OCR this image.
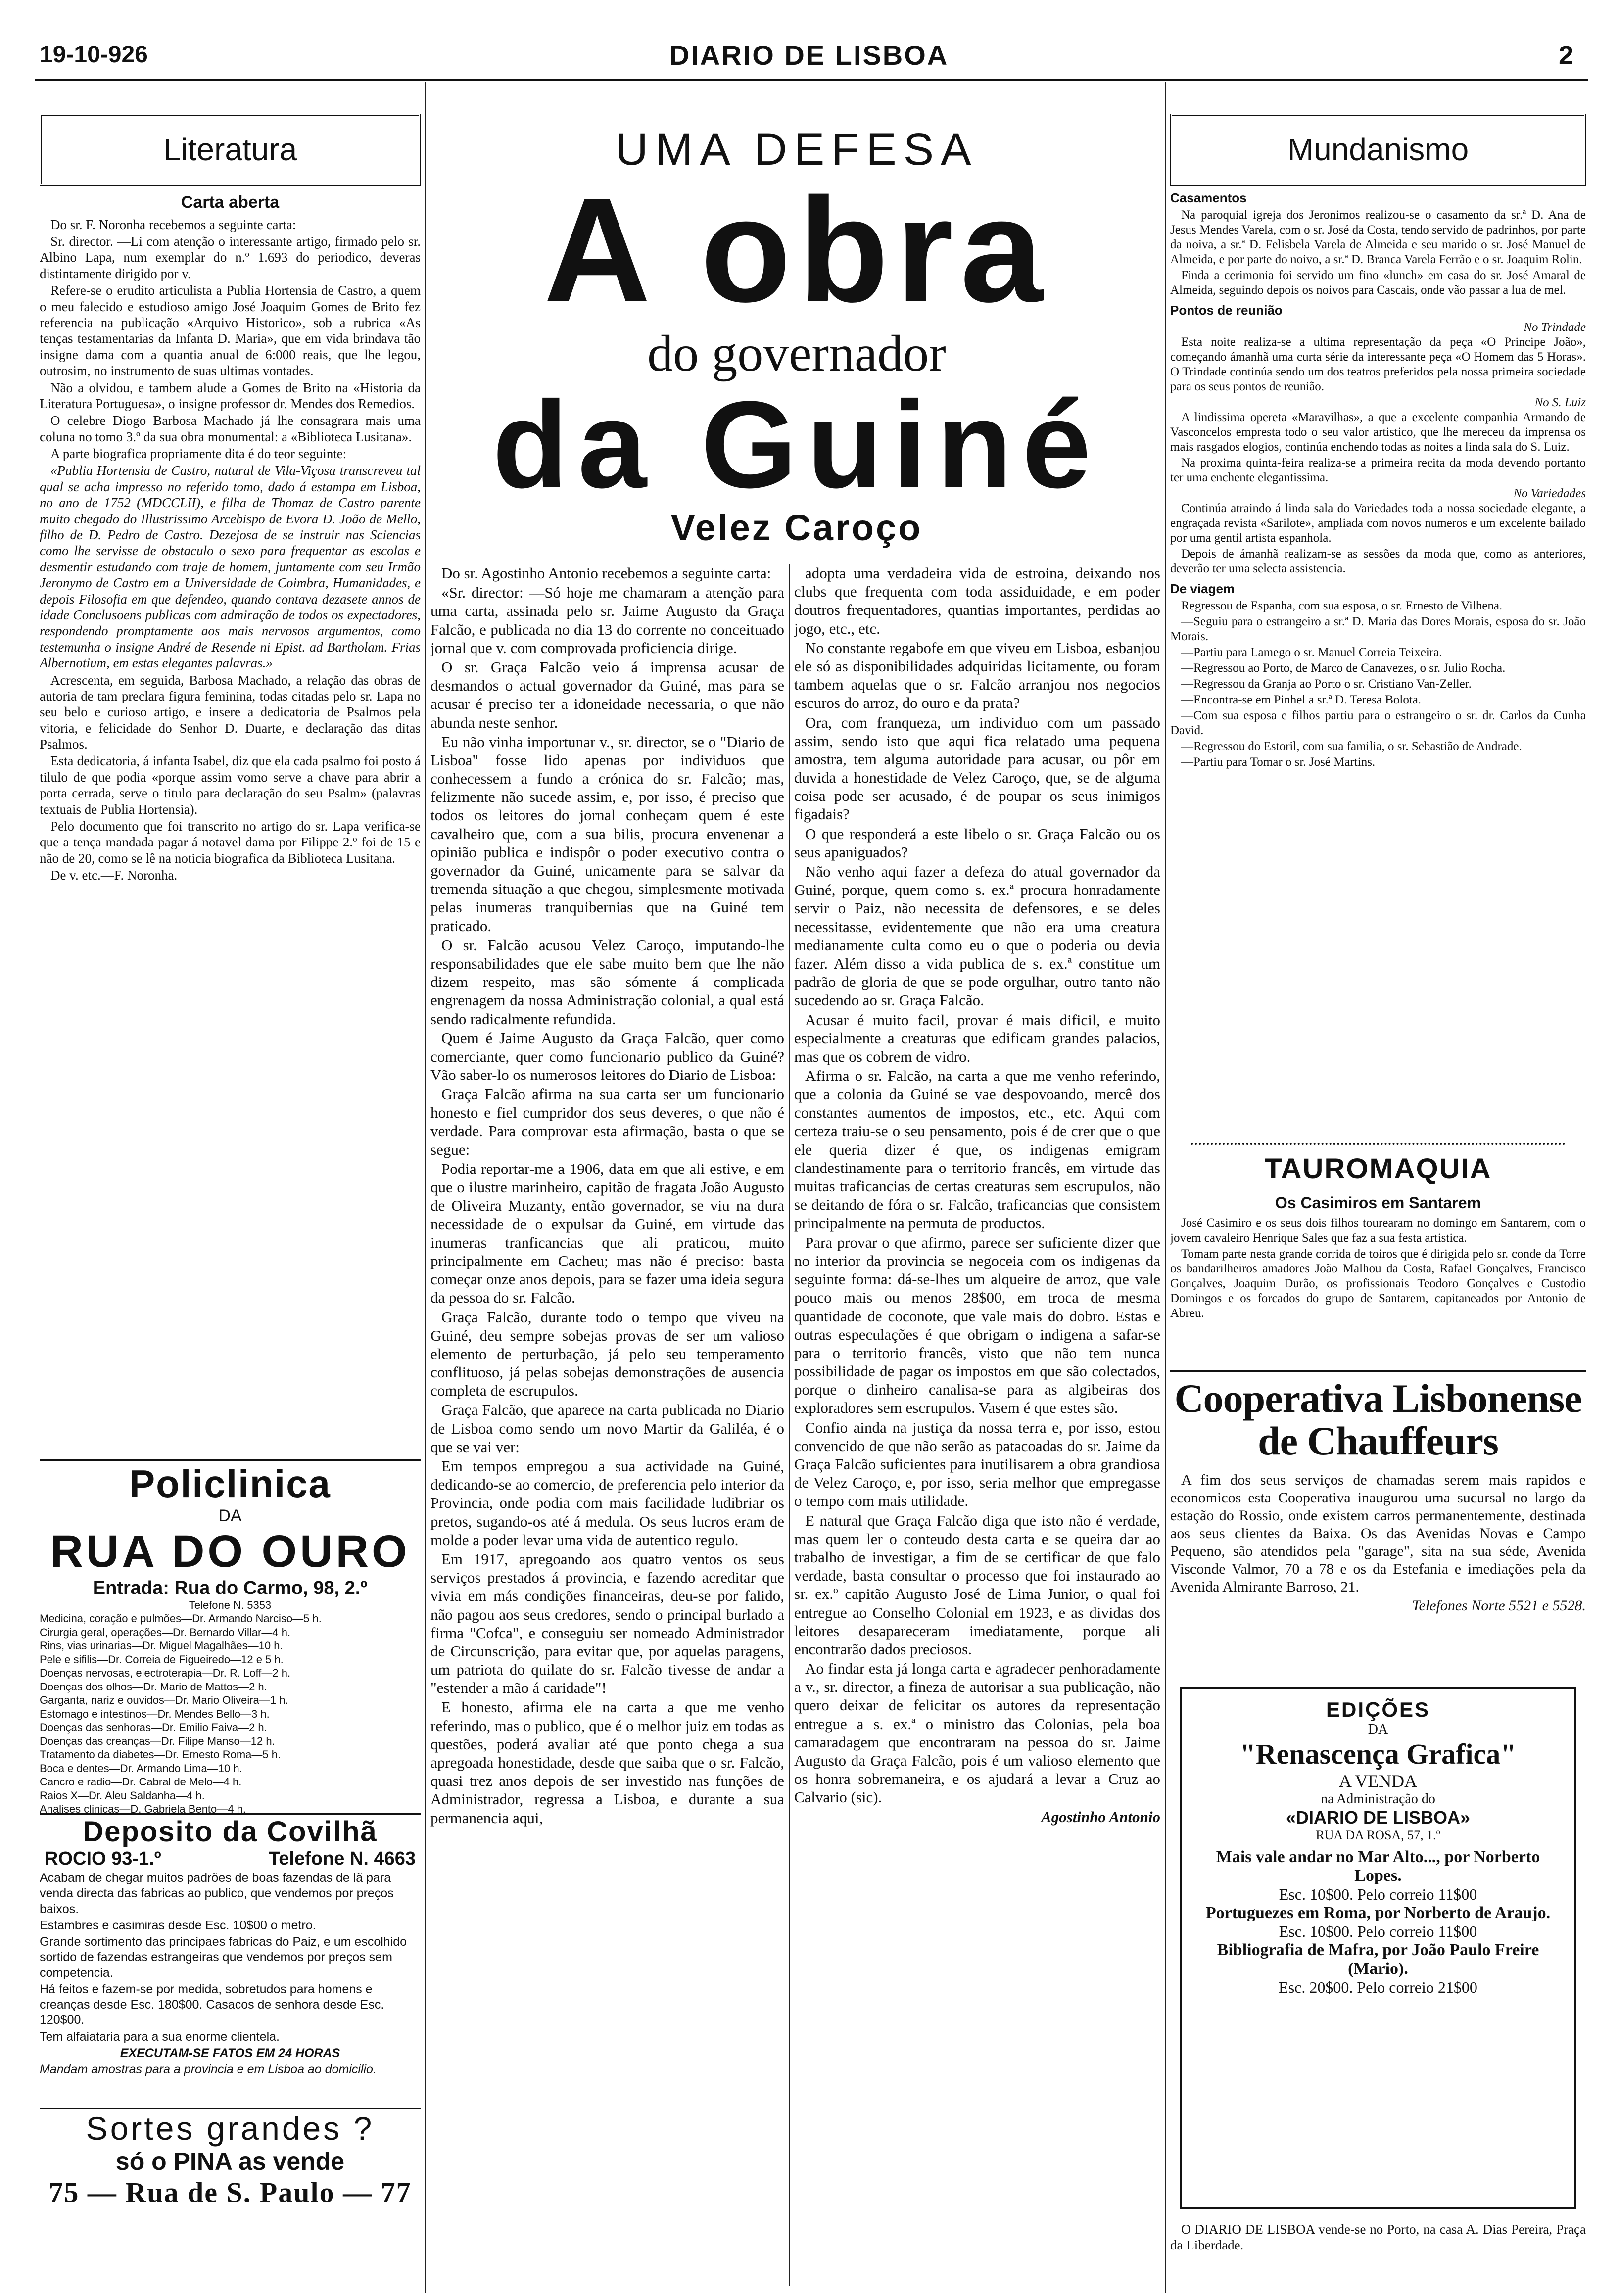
19-10-926	DIARIO DE LISBOA	2
Literatura
Carta aberta

Do sr. F. Noronha recebemos a seguinte carta:

Sr. director. —Li com atenção o interessante artigo, firmado pelo sr. Albino Lapa, num exemplar do n.º 1.693 do periodico, deveras distintamente dirigido por v.

Refere-se o erudito articulista a Publia Hortensia de Castro, a quem o meu falecido e estudioso amigo José Joaquim Gomes de Brito fez referencia na publicação «Arquivo Historico», sob a rubrica «As tenças testamentarias da Infanta D. Maria», que em vida brindava tão insigne dama com a quantia anual de 6:000 reais, que lhe legou, outrosim, no instrumento de suas ultimas vontades.

Não a olvidou, e tambem alude a Gomes de Brito na «Historia da Literatura Portuguesa», o insigne professor dr. Mendes dos Remedios.

O celebre Diogo Barbosa Machado já lhe consagrara mais uma coluna no tomo 3.º da sua obra monumental: a «Biblioteca Lusitana».

A parte biografica propriamente dita é do teor seguinte:

«Publia Hortensia de Castro, natural de Vila-Viçosa transcreveu tal qual se acha impresso no referido tomo, dado á estampa em Lisboa, no ano de 1752 (MDCCLII), e filha de Thomaz de Castro parente muito chegado do Illustrissimo Arcebispo de Evora D. João de Mello, filho de D. Pedro de Castro. Dezejosa de se instruir nas Sciencias como lhe servisse de obstaculo o sexo para frequentar as escolas e desmentir estudando com traje de homem, juntamente com seu Irmão Jeronymo de Castro em a Universidade de Coimbra, Humanidades, e depois Filosofia em que defendeo, quando contava dezasete annos de idade Conclusoens publicas com admiração de todos os expectadores, respondendo promptamente aos mais nervosos argumentos, como testemunha o insigne André de Resende ni Epist. ad Bartholam. Frias Albernotium, em estas elegantes palavras.»

Acrescenta, em seguida, Barbosa Machado, a relação das obras de autoria de tam preclara figura feminina, todas citadas pelo sr. Lapa no seu belo e curioso artigo, e insere a dedicatoria de Psalmos pela vitoria, e felicidade do Senhor D. Duarte, e declaração das ditas Psalmos.

Esta dedicatoria, á infanta Isabel, diz que ela cada psalmo foi posto á tilulo de que podia «porque assim vomo serve a chave para abrir a porta cerrada, serve o titulo para declaração do seu Psalm» (palavras textuais de Publia Hortensia).

Pelo documento que foi transcrito no artigo do sr. Lapa verifica-se que a tença mandada pagar á notavel dama por Filippe 2.º foi de 15 e não de 20, como se lê na noticia biografica da Biblioteca Lusitana.

De v. etc.—F. Noronha.

Policlinica
DA
RUA DO OURO
Entrada: Rua do Carmo, 98, 2.º
Telefone N. 5353
Medicina, coração e pulmões—Dr. Armando Narciso—5 h.
Cirurgia geral, operações—Dr. Bernardo Villar—4 h.
Rins, vias urinarias—Dr. Miguel Magalhães—10 h.
Pele e sifilis—Dr. Correia de Figueiredo—12 e 5 h.
Doenças nervosas, electroterapia—Dr. R. Loff—2 h.
Doenças dos olhos—Dr. Mario de Mattos—2 h.
Garganta, nariz e ouvidos—Dr. Mario Oliveira—1 h.
Estomago e intestinos—Dr. Mendes Bello—3 h.
Doenças das senhoras—Dr. Emilio Faiva—2 h.
Doenças das creanças—Dr. Filipe Manso—12 h.
Tratamento da diabetes—Dr. Ernesto Roma—5 h.
Boca e dentes—Dr. Armando Lima—10 h.
Cancro e radio—Dr. Cabral de Melo—4 h.
Raios X—Dr. Aleu Saldanha—4 h.
Analises clinicas—D. Gabriela Bento—4 h.
Deposito da Covilhã
ROCIO 93-1.º	Telefone N. 4663

Acabam de chegar muitos padrões de boas fazendas de lã para venda directa das fabricas ao publico, que vendemos por preços baixos.

Estambres e casimiras desde Esc. 10$00 o metro.

Grande sortimento das principaes fabricas do Paiz, e um escolhido sortido de fazendas estrangeiras que vendemos por preços sem competencia.

Há feitos e fazem-se por medida, sobretudos para homens e creanças desde Esc. 180$00. Casacos de senhora desde Esc. 120$00.

Tem alfaiataria para a sua enorme clientela.

EXECUTAM-SE FATOS EM 24 HORAS

Mandam amostras para a provincia e em Lisboa ao domicilio.

Sortes grandes ?
só o PINA as vende
75 — Rua de S. Paulo — 77
UMA DEFESA
A obra
do governador
da Guiné
Velez Caroço

Do sr. Agostinho Antonio recebemos a seguinte carta:

«Sr. director: —Só hoje me chamaram a atenção para uma carta, assinada pelo sr. Jaime Augusto da Graça Falcão, e publicada no dia 13 do corrente no conceituado jornal que v. com comprovada proficiencia dirige.

O sr. Graça Falcão veio á imprensa acusar de desmandos o actual governador da Guiné, mas para se acusar é preciso ter a idoneidade necessaria, o que não abunda neste senhor.

Eu não vinha importunar v., sr. director, se o "Diario de Lisboa" fosse lido apenas por individuos que conhecessem a fundo a crónica do sr. Falcão; mas, felizmente não sucede assim, e, por isso, é preciso que todos os leitores do jornal conheçam quem é este cavalheiro que, com a sua bilis, procura envenenar a opinião publica e indispôr o poder executivo contra o governador da Guiné, unicamente para se salvar da tremenda situação a que chegou, simplesmente motivada pelas inumeras tranquibernias que na Guiné tem praticado.

O sr. Falcão acusou Velez Caroço, imputando-lhe responsabilidades que ele sabe muito bem que lhe não dizem respeito, mas são sómente á complicada engrenagem da nossa Administração colonial, a qual está sendo radicalmente refundida.

Quem é Jaime Augusto da Graça Falcão, quer como comerciante, quer como funcionario publico da Guiné? Vão saber-lo os numerosos leitores do Diario de Lisboa:

Graça Falcão afirma na sua carta ser um funcionario honesto e fiel cumpridor dos seus deveres, o que não é verdade. Para comprovar esta afirmação, basta o que se segue:

Podia reportar-me a 1906, data em que ali estive, e em que o ilustre marinheiro, capitão de fragata João Augusto de Oliveira Muzanty, então governador, se viu na dura necessidade de o expulsar da Guiné, em virtude das inumeras tranficancias que ali praticou, muito principalmente em Cacheu; mas não é preciso: basta começar onze anos depois, para se fazer uma ideia segura da pessoa do sr. Falcão.

Graça Falcão, durante todo o tempo que viveu na Guiné, deu sempre sobejas provas de ser um valioso elemento de perturbação, já pelo seu temperamento conflituoso, já pelas sobejas demonstrações de ausencia completa de escrupulos.

Graça Falcão, que aparece na carta publicada no Diario de Lisboa como sendo um novo Martir da Galiléa, é o que se vai ver:

Em tempos empregou a sua actividade na Guiné, dedicando-se ao comercio, de preferencia pelo interior da Provincia, onde podia com mais facilidade ludibriar os pretos, sugando-os até á medula. Os seus lucros eram de molde a poder levar uma vida de autentico regulo.

Em 1917, apregoando aos quatro ventos os seus serviços prestados á provincia, e fazendo acreditar que vivia em más condições financeiras, deu-se por falido, não pagou aos seus credores, sendo o principal burlado a firma "Cofca", e conseguiu ser nomeado Administrador de Circunscrição, para evitar que, por aquelas paragens, um patriota do quilate do sr. Falcão tivesse de andar a "estender a mão á caridade"!

E honesto, afirma ele na carta a que me venho referindo, mas o publico, que é o melhor juiz em todas as questões, poderá avaliar até que ponto chega a sua apregoada honestidade, desde que saiba que o sr. Falcão, quasi trez anos depois de ser investido nas funções de Administrador, regressa a Lisboa, e durante a sua permanencia aqui,

adopta uma verdadeira vida de estroina, deixando nos clubs que frequenta com toda assiduidade, e em poder doutros frequentadores, quantias importantes, perdidas ao jogo, etc., etc.

No constante regabofe em que viveu em Lisboa, esbanjou ele só as disponibilidades adquiridas licitamente, ou foram tambem aquelas que o sr. Falcão arranjou nos negocios escuros do arroz, do ouro e da prata?

Ora, com franqueza, um individuo com um passado assim, sendo isto que aqui fica relatado uma pequena amostra, tem alguma autoridade para acusar, ou pôr em duvida a honestidade de Velez Caroço, que, se de alguma coisa pode ser acusado, é de poupar os seus inimigos figadais?

O que responderá a este libelo o sr. Graça Falcão ou os seus apaniguados?

Não venho aqui fazer a defeza do atual governador da Guiné, porque, quem como s. ex.ª procura honradamente servir o Paiz, não necessita de defensores, e se deles necessitasse, evidentemente que não era uma creatura medianamente culta como eu o que o poderia ou devia fazer. Além disso a vida publica de s. ex.ª constitue um padrão de gloria de que se pode orgulhar, outro tanto não sucedendo ao sr. Graça Falcão.

Acusar é muito facil, provar é mais dificil, e muito especialmente a creaturas que edificam grandes palacios, mas que os cobrem de vidro.

Afirma o sr. Falcão, na carta a que me venho referindo, que a colonia da Guiné se vae despovoando, mercê dos constantes aumentos de impostos, etc., etc. Aqui com certeza traiu-se o seu pensamento, pois é de crer que o que ele queria dizer é que, os indigenas emigram clandestinamente para o territorio francês, em virtude das muitas traficancias de certas creaturas sem escrupulos, não se deitando de fóra o sr. Falcão, traficancias que consistem principalmente na permuta de productos.

Para provar o que afirmo, parece ser suficiente dizer que no interior da provincia se negoceia com os indigenas da seguinte forma: dá-se-lhes um alqueire de arroz, que vale pouco mais ou menos 28$00, em troca de mesma quantidade de coconote, que vale mais do dobro. Estas e outras especulações é que obrigam o indigena a safar-se para o territorio francês, visto que não tem nunca possibilidade de pagar os impostos em que são colectados, porque o dinheiro canalisa-se para as algibeiras dos exploradores sem escrupulos. Vasem é que estes são.

Confio ainda na justiça da nossa terra e, por isso, estou convencido de que não serão as patacoadas do sr. Jaime da Graça Falcão suficientes para inutilisarem a obra grandiosa de Velez Caroço, e, por isso, seria melhor que empregasse o tempo com mais utilidade.

E natural que Graça Falcão diga que isto não é verdade, mas quem ler o conteudo desta carta e se queira dar ao trabalho de investigar, a fim de se certificar de que falo verdade, basta consultar o processo que foi instaurado ao sr. ex.º capitão Augusto José de Lima Junior, o qual foi entregue ao Conselho Colonial em 1923, e as dividas dos leitores desapareceram imediatamente, porque ali encontrarão dados preciosos.

Ao findar esta já longa carta e agradecer penhoradamente a v., sr. director, a fineza de autorisar a sua publicação, não quero deixar de felicitar os autores da representação entregue a s. ex.ª o ministro das Colonias, pela boa camaradagem que encontraram na pessoa do sr. Jaime Augusto da Graça Falcão, pois é um valioso elemento que os honra sobremaneira, e os ajudará a levar a Cruz ao Calvario (sic).

Agostinho Antonio

Mundanismo
Casamentos

Na paroquial igreja dos Jeronimos realizou-se o casamento da sr.ª D. Ana de Jesus Mendes Varela, com o sr. José da Costa, tendo servido de padrinhos, por parte da noiva, a sr.ª D. Felisbela Varela de Almeida e seu marido o sr. José Manuel de Almeida, e por parte do noivo, a sr.ª D. Branca Varela Ferrão e o sr. Joaquim Rolin.

Finda a cerimonia foi servido um fino «lunch» em casa do sr. José Amaral de Almeida, seguindo depois os noivos para Cascais, onde vão passar a lua de mel.

Pontos de reunião
No Trindade

Esta noite realiza-se a ultima representação da peça «O Principe João», começando ámanhã uma curta série da interessante peça «O Homem das 5 Horas». O Trindade continúa sendo um dos teatros preferidos pela nossa primeira sociedade para os seus pontos de reunião.

No S. Luiz

A lindissima opereta «Maravilhas», a que a excelente companhia Armando de Vasconcelos empresta todo o seu valor artistico, que lhe mereceu da imprensa os mais rasgados elogios, continúa enchendo todas as noites a linda sala do S. Luiz.

Na proxima quinta-feira realiza-se a primeira recita da moda devendo portanto ter uma enchente elegantissima.

No Variedades

Continúa atraindo á linda sala do Variedades toda a nossa sociedade elegante, a engraçada revista «Sarilote», ampliada com novos numeros e um excelente bailado por uma gentil artista espanhola.

Depois de ámanhã realizam-se as sessões da moda que, como as anteriores, deverão ter uma selecta assistencia.

De viagem

Regressou de Espanha, com sua esposa, o sr. Ernesto de Vilhena.

—Seguiu para o estrangeiro a sr.ª D. Maria das Dores Morais, esposa do sr. João Morais.

—Partiu para Lamego o sr. Manuel Correia Teixeira.

—Regressou ao Porto, de Marco de Canavezes, o sr. Julio Rocha.

—Regressou da Granja ao Porto o sr. Cristiano Van-Zeller.

—Encontra-se em Pinhel a sr.ª D. Teresa Bolota.

—Com sua esposa e filhos partiu para o estrangeiro o sr. dr. Carlos da Cunha David.

—Regressou do Estoril, com sua familia, o sr. Sebastião de Andrade.

—Partiu para Tomar o sr. José Martins.

TAUROMAQUIA
Os Casimiros em Santarem

José Casimiro e os seus dois filhos tourearam no domingo em Santarem, com o jovem cavaleiro Henrique Sales que faz a sua festa artistica.

Tomam parte nesta grande corrida de toiros que é dirigida pelo sr. conde da Torre os bandarilheiros amadores João Malhou da Costa, Rafael Gonçalves, Francisco Gonçalves, Joaquim Durão, os profissionais Teodoro Gonçalves e Custodio Domingos e os forcados do grupo de Santarem, capitaneados por Antonio de Abreu.

Cooperativa Lisbonense
de Chauffeurs

A fim dos seus serviços de chamadas serem mais rapidos e economicos esta Cooperativa inaugurou uma sucursal no largo da estação do Rossio, onde existem carros permanentemente, destinada aos seus clientes da Baixa. Os das Avenidas Novas e Campo Pequeno, são atendidos pela "garage", sita na sua séde, Avenida Visconde Valmor, 70 a 78 e os da Estefania e imediações pela da Avenida Almirante Barroso, 21.

Telefones Norte 5521 e 5528.
EDIÇÕES
DA
"Renascença Grafica"
A VENDA
na Administração do
«DIARIO DE LISBOA»
RUA DA ROSA, 57, 1.º
Mais vale andar no Mar Alto..., por Norberto Lopes.
Esc. 10$00. Pelo correio 11$00
Portuguezes em Roma, por Norberto de Araujo.
Esc. 10$00. Pelo correio 11$00
Bibliografia de Mafra, por João Paulo Freire (Mario).
Esc. 20$00. Pelo correio 21$00

O DIARIO DE LISBOA vende-se no Porto, na casa A. Dias Pereira, Praça da Liberdade.
